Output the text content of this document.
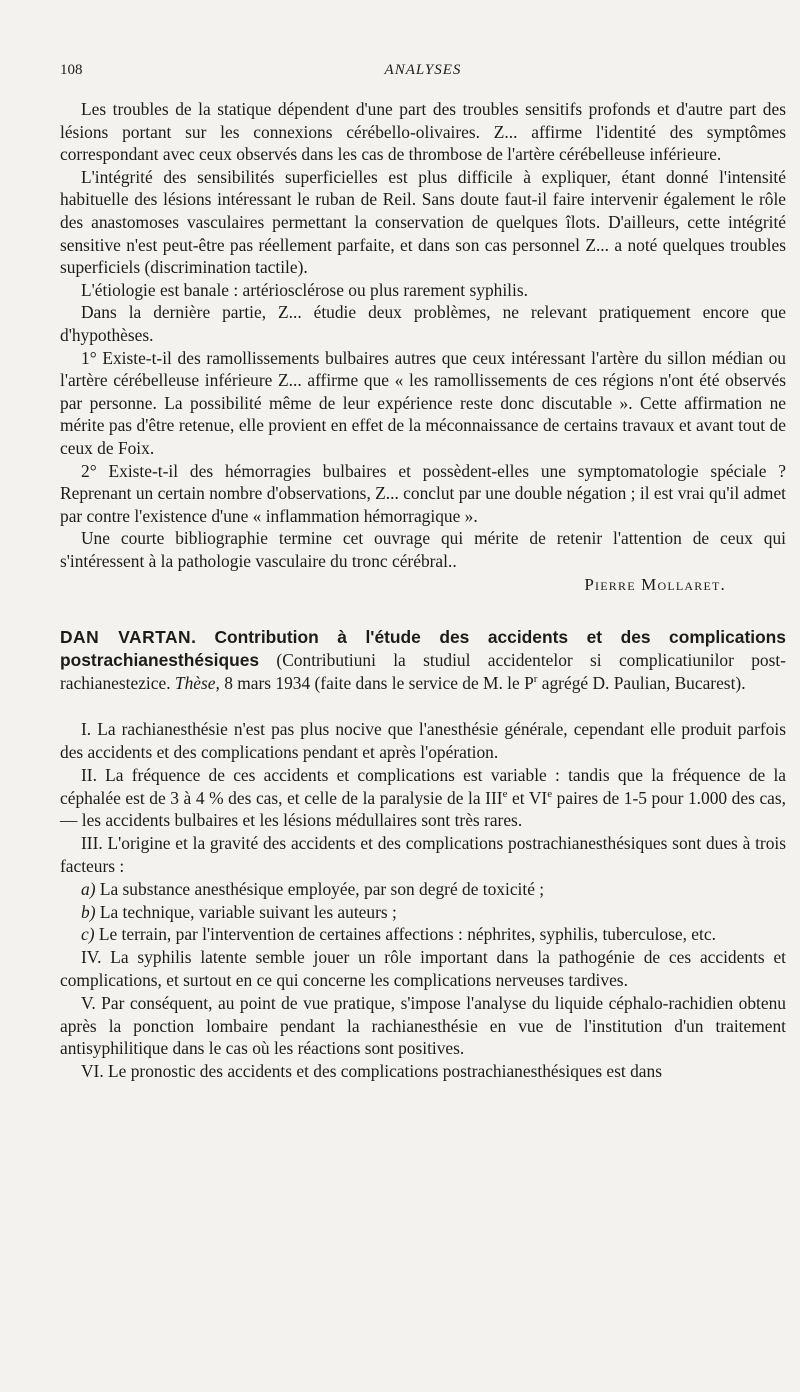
108	ANALYSES

Les troubles de la statique dépendent d'une part des troubles sensitifs profonds et d'autre part des lésions portant sur les connexions cérébello-olivaires. Z... affirme l'identité des symptômes correspondant avec ceux observés dans les cas de thrombose de l'artère cérébelleuse inférieure.

L'intégrité des sensibilités superficielles est plus difficile à expliquer, étant donné l'intensité habituelle des lésions intéressant le ruban de Reil. Sans doute faut-il faire intervenir également le rôle des anastomoses vasculaires permettant la conservation de quelques îlots. D'ailleurs, cette intégrité sensitive n'est peut-être pas réellement parfaite, et dans son cas personnel Z... a noté quelques troubles superficiels (discrimination tactile).

L'étiologie est banale : artériosclérose ou plus rarement syphilis.

Dans la dernière partie, Z... étudie deux problèmes, ne relevant pratiquement encore que d'hypothèses.

1° Existe-t-il des ramollissements bulbaires autres que ceux intéressant l'artère du sillon médian ou l'artère cérébelleuse inférieure Z... affirme que « les ramollissements de ces régions n'ont été observés par personne. La possibilité même de leur expérience reste donc discutable ». Cette affirmation ne mérite pas d'être retenue, elle provient en effet de la méconnaissance de certains travaux et avant tout de ceux de Foix.

2° Existe-t-il des hémorragies bulbaires et possèdent-elles une symptomatologie spéciale ? Reprenant un certain nombre d'observations, Z... conclut par une double négation ; il est vrai qu'il admet par contre l'existence d'une « inflammation hémorragique ».

Une courte bibliographie termine cet ouvrage qui mérite de retenir l'attention de ceux qui s'intéressent à la pathologie vasculaire du tronc cérébral..

Pierre Mollaret.

DAN VARTAN. Contribution à l'étude des accidents et des complications postrachianesthésiques (Contributiuni la studiul accidentelor si complicatiunilor post-rachianestezice. Thèse, 8 mars 1934 (faite dans le service de M. le $P^r$ agrégé D. Paulian, Bucarest).

I. La rachianesthésie n'est pas plus nocive que l'anesthésie générale, cependant elle produit parfois des accidents et des complications pendant et après l'opération.

II. La fréquence de ces accidents et complications est variable : tandis que la fréquence de la céphalée est de 3 à 4 % des cas, et celle de la paralysie de la IIIe et VIe paires de 1-5 pour 1.000 des cas, — les accidents bulbaires et les lésions médullaires sont très rares.

III. L'origine et la gravité des accidents et des complications postrachianesthésiques sont dues à trois facteurs :

a) La substance anesthésique employée, par son degré de toxicité ;

b) La technique, variable suivant les auteurs ;

c) Le terrain, par l'intervention de certaines affections : néphrites, syphilis, tuberculose, etc.

IV. La syphilis latente semble jouer un rôle important dans la pathogénie de ces accidents et complications, et surtout en ce qui concerne les complications nerveuses tardives.

V. Par conséquent, au point de vue pratique, s'impose l'analyse du liquide céphalo-rachidien obtenu après la ponction lombaire pendant la rachianesthésie en vue de l'institution d'un traitement antisyphilitique dans le cas où les réactions sont positives.

VI. Le pronostic des accidents et des complications postrachianesthésiques est dans
